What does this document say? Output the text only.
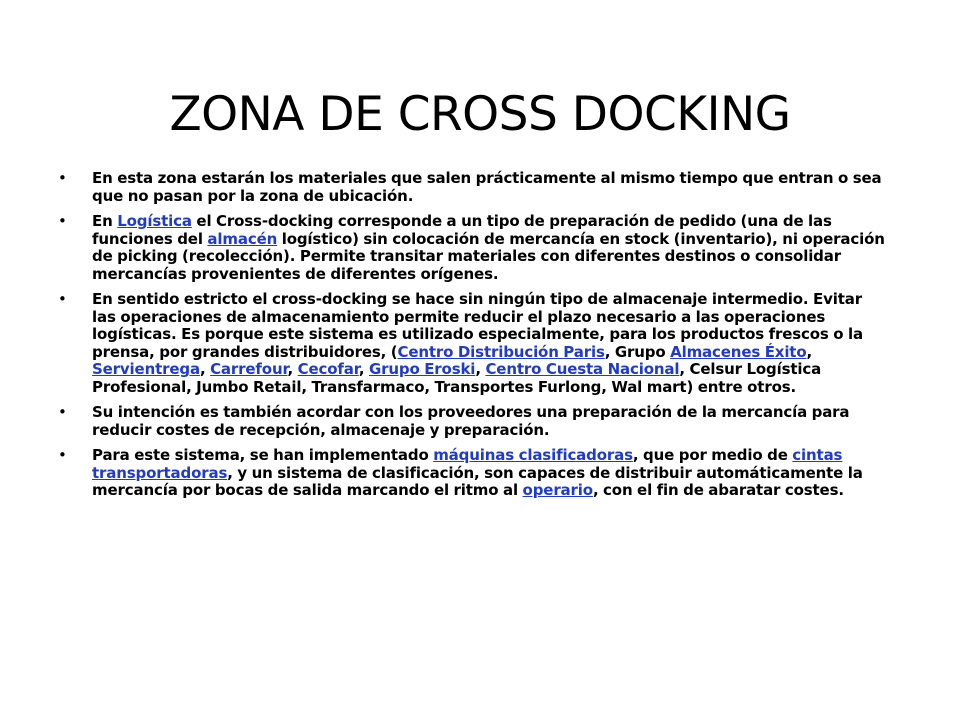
ZONA DE CROSS DOCKING
• En esta zona estarán los materiales que salen prácticamente al mismo tiempo que entran o sea que no pasan por la zona de ubicación.
• En Logística el Cross-docking corresponde a un tipo de preparación de pedido (una de las funciones del almacén logístico) sin colocación de mercancía en stock (inventario), ni operación de picking (recolección). Permite transitar materiales con diferentes destinos o consolidar mercancías provenientes de diferentes orígenes.
• En sentido estricto el cross-docking se hace sin ningún tipo de almacenaje intermedio. Evitar las operaciones de almacenamiento permite reducir el plazo necesario a las operaciones logísticas. Es porque este sistema es utilizado especialmente, para los productos frescos o la prensa, por grandes distribuidores, (Centro Distribución Paris, Grupo Almacenes Éxito, Servientrega, Carrefour, Cecofar, Grupo Eroski, Centro Cuesta Nacional, Celsur Logística Profesional, Jumbo Retail, Transfarmaco, Transportes Furlong, Wal mart) entre otros.
• Su intención es también acordar con los proveedores una preparación de la mercancía para reducir costes de recepción, almacenaje y preparación.
• Para este sistema, se han implementado máquinas clasificadoras, que por medio de cintas transportadoras, y un sistema de clasificación, son capaces de distribuir automáticamente la mercancía por bocas de salida marcando el ritmo al operario, con el fin de abaratar costes.
